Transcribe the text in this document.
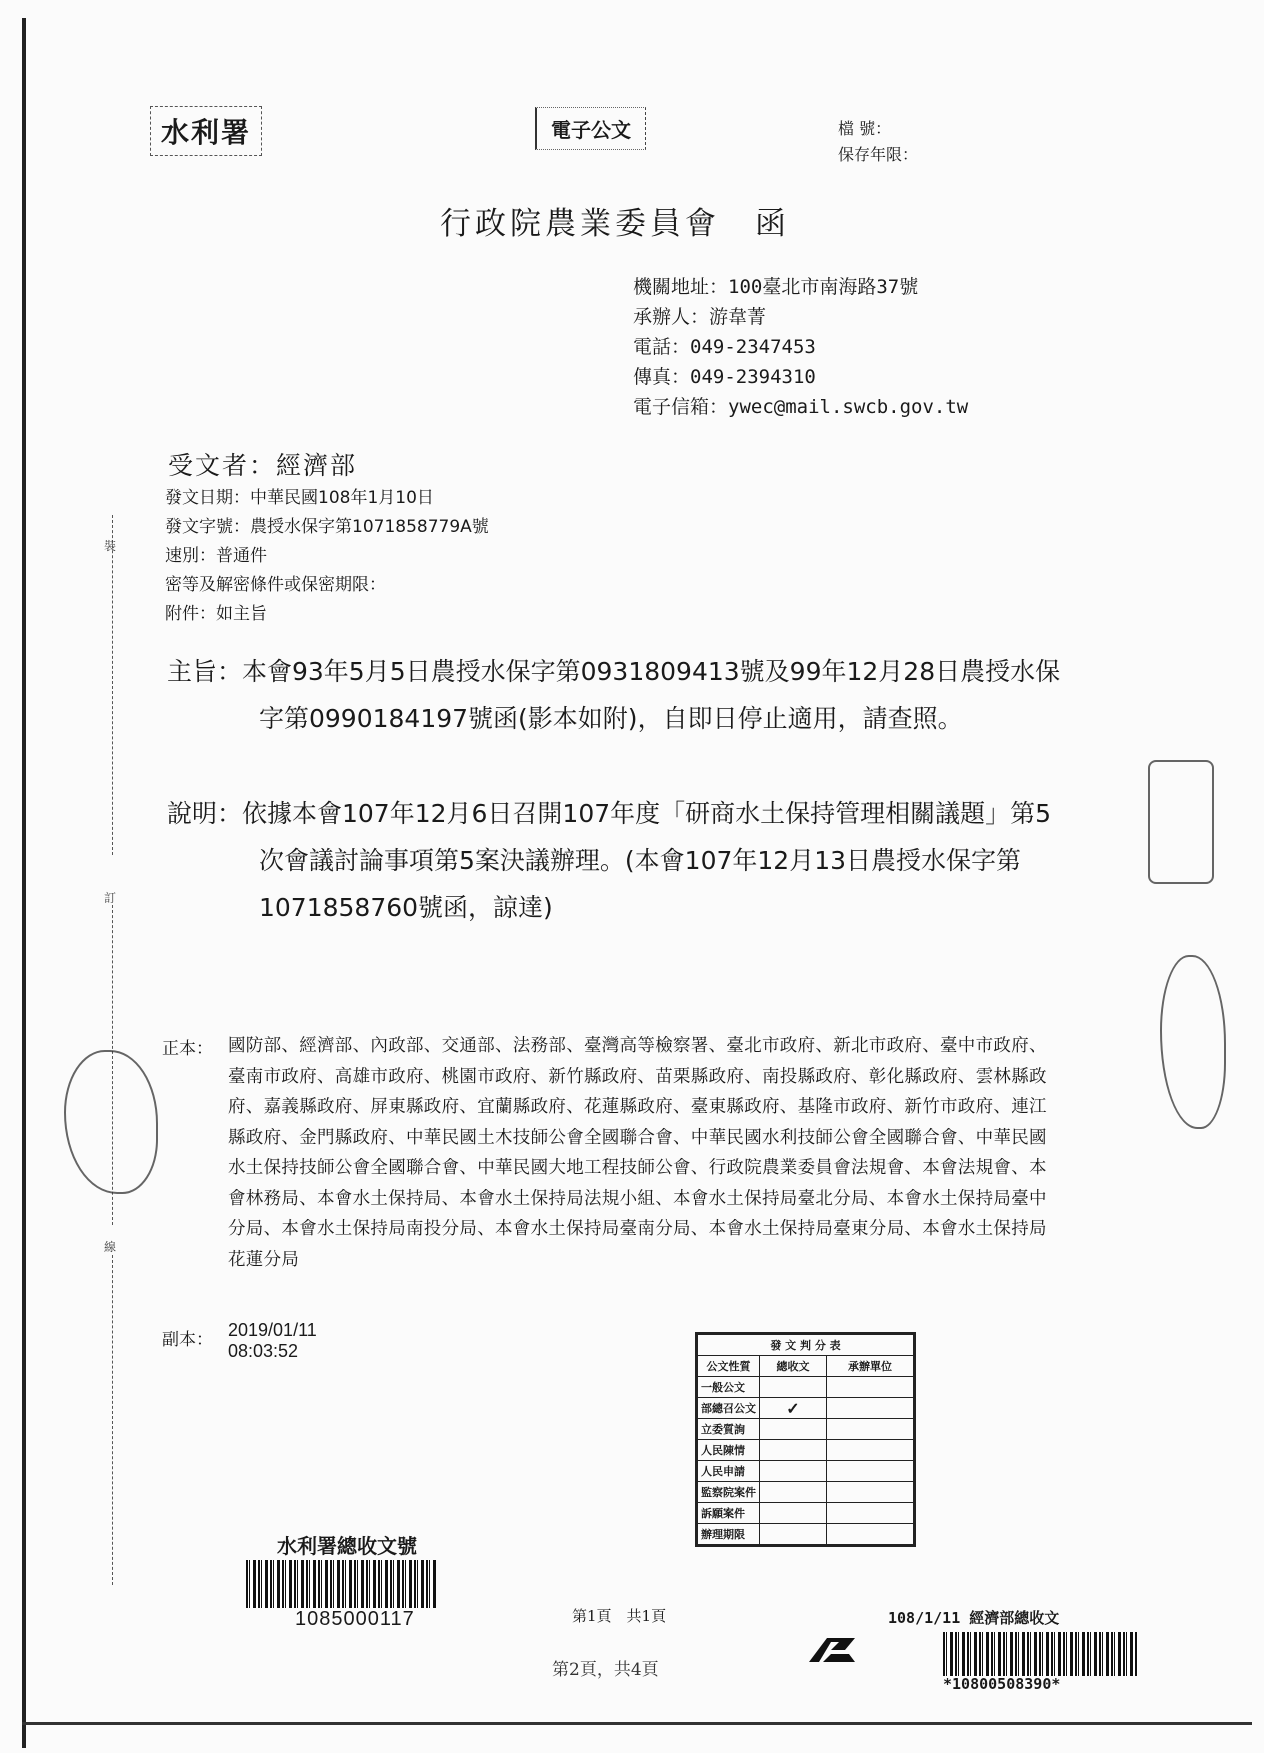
裝
訂
線
水利署	電子公文	檔 號：
保存年限：
行政院農業委員會　函
機關地址：100臺北市南海路37號
承辦人：游韋菁
電話：049-2347453
傳真：049-2394310
電子信箱：ywec@mail.swcb.gov.tw
受文者：經濟部
發文日期：中華民國108年1月10日
發文字號：農授水保字第1071858779A號
速別：普通件
密等及解密條件或保密期限：
附件：如主旨
主旨：本會93年5月5日農授水保字第0931809413號及99年12月28日農授水保字第0990184197號函(影本如附)，自即日停止適用，請查照。
說明：依據本會107年12月6日召開107年度「研商水土保持管理相關議題」第5次會議討論事項第5案決議辦理。(本會107年12月13日農授水保字第1071858760號函，諒達)
正本： 國防部、經濟部、內政部、交通部、法務部、臺灣高等檢察署、臺北市政府、新北市政府、臺中市政府、臺南市政府、高雄市政府、桃園市政府、新竹縣政府、苗栗縣政府、南投縣政府、彰化縣政府、雲林縣政府、嘉義縣政府、屏東縣政府、宜蘭縣政府、花蓮縣政府、臺東縣政府、基隆市政府、新竹市政府、連江縣政府、金門縣政府、中華民國土木技師公會全國聯合會、中華民國水利技師公會全國聯合會、中華民國水土保持技師公會全國聯合會、中華民國大地工程技師公會、行政院農業委員會法規會、本會法規會、本會林務局、本會水土保持局、本會水土保持局法規小組、本會水土保持局臺北分局、本會水土保持局臺中分局、本會水土保持局南投分局、本會水土保持局臺南分局、本會水土保持局臺東分局、本會水土保持局花蓮分局
副本： 2019/01/11
08:03:52	發 文 判 分 表		
公文性質	總收文	承辦單位
一般公文		
部總召公文	✓	
立委質詢		
人民陳情		
人民申請		
監察院案件		
訴願案件		
辦理期限		
水利署總收文號
1085000117	第1頁　共1頁
第2頁，共4頁
108/1/11 經濟部總收文
*10800508390*
